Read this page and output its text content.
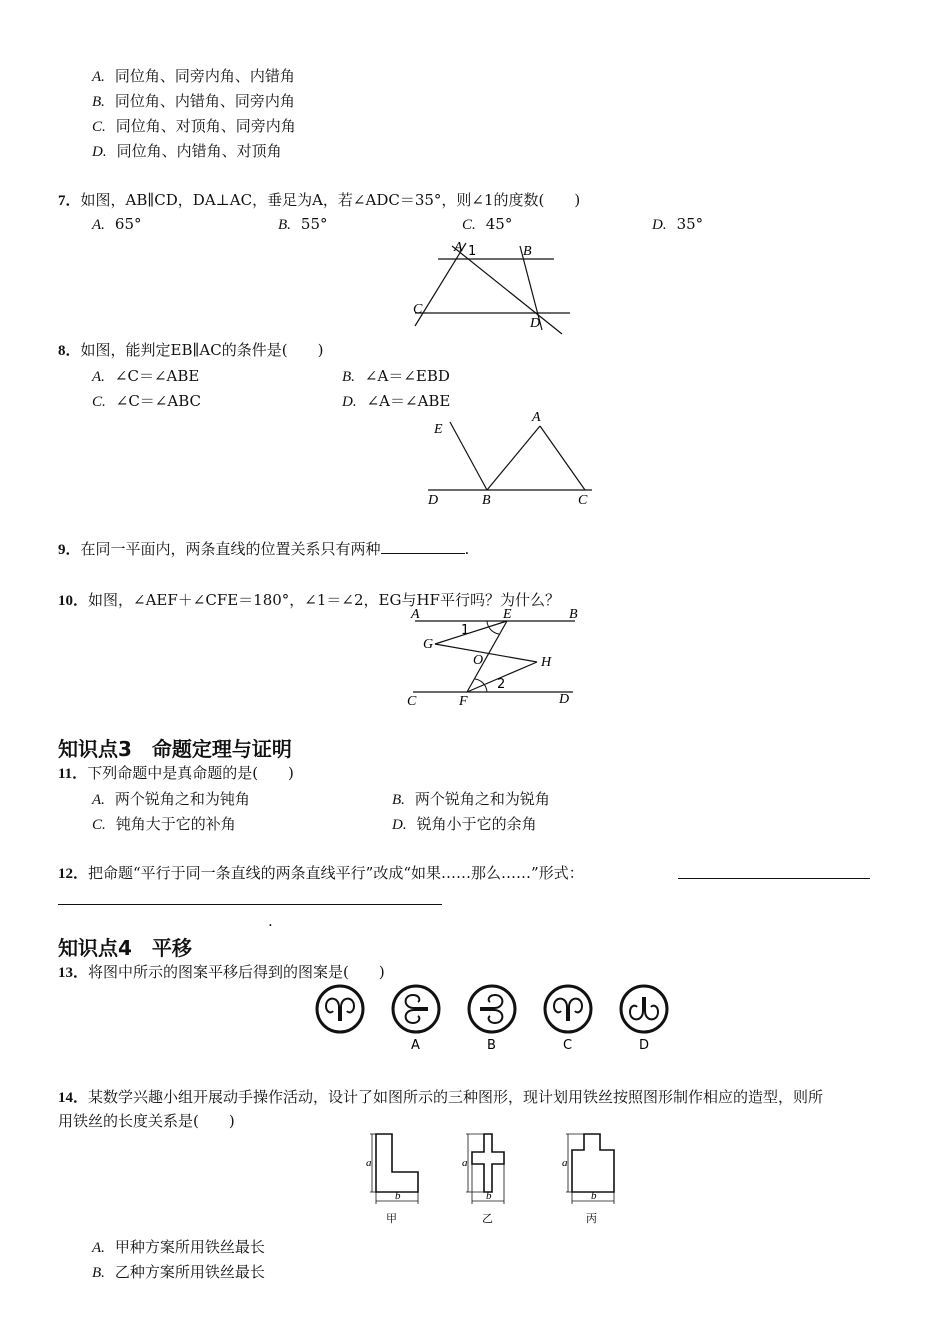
A. 同位角、同旁内角、内错角
B. 同位角、内错角、同旁内角
C. 同位角、对顶角、同旁内角
D. 同位角、内错角、对顶角
7．如图，AB∥CD，DA⊥AC，垂足为A，若∠ADC＝35°，则∠1的度数(　　)
A. 65°	B. 55°	C. 45°	D. 35°
A 1	B
C
D
8．如图，能判定EB∥AC的条件是(　　)
A. ∠C＝∠ABE	B. ∠A＝∠EBD
C. ∠C＝∠ABC	D. ∠A＝∠ABE
E
A
D	B	C
9．在同一平面内，两条直线的位置关系只有两种	.
10．如图，∠AEF＋∠CFE＝180°，∠1＝∠2，EG与HF平行吗？为什么？
A	E	B
G
1
O	H
2
C	F	D
知识点3　命题定理与证明
11．下列命题中是真命题的是(　　)
A. 两个锐角之和为钝角	B. 两个锐角之和为锐角
C. 钝角大于它的补角	D. 锐角小于它的余角
12．把命题“平行于同一条直线的两条直线平行”改成“如果……那么……”形式：
.
知识点4　平移
13．将图中所示的图案平移后得到的图案是(　　)
A	B	C	D
14．某数学兴趣小组开展动手操作活动，设计了如图所示的三种图形，现计划用铁丝按照图形制作相应的造型，则所
用铁丝的长度关系是(　　)
a
b
甲
a
b
乙
a
b
丙
A. 甲种方案所用铁丝最长
B. 乙种方案所用铁丝最长
